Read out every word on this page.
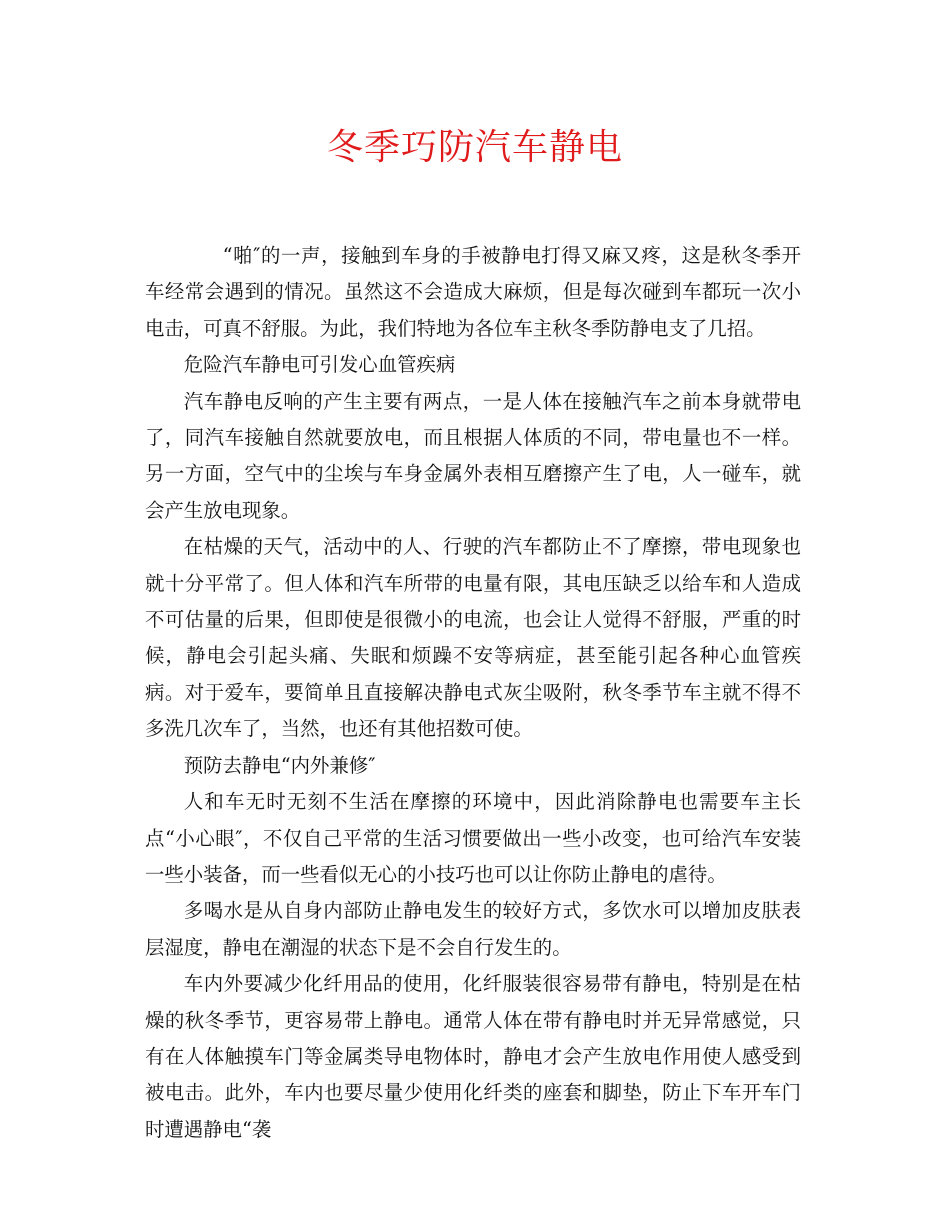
冬季巧防汽车静电

“啪″的一声，接触到车身的手被静电打得又麻又疼，这是秋冬季开车经常会遇到的情况。虽然这不会造成大麻烦，但是每次碰到车都玩一次小电击，可真不舒服。为此，我们特地为各位车主秋冬季防静电支了几招。

危险汽车静电可引发心血管疾病

汽车静电反响的产生主要有两点，一是人体在接触汽车之前本身就带电了，同汽车接触自然就要放电，而且根据人体质的不同，带电量也不一样。另一方面，空气中的尘埃与车身金属外表相互磨擦产生了电，人一碰车，就会产生放电现象。

在枯燥的天气，活动中的人、行驶的汽车都防止不了摩擦，带电现象也就十分平常了。但人体和汽车所带的电量有限，其电压缺乏以给车和人造成不可估量的后果，但即使是很微小的电流，也会让人觉得不舒服，严重的时候，静电会引起头痛、失眠和烦躁不安等病症，甚至能引起各种心血管疾病。对于爱车，要简单且直接解决静电式灰尘吸附，秋冬季节车主就不得不多洗几次车了，当然，也还有其他招数可使。

预防去静电“内外兼修″

人和车无时无刻不生活在摩擦的环境中，因此消除静电也需要车主长点“小心眼″，不仅自己平常的生活习惯要做出一些小改变，也可给汽车安装一些小装备，而一些看似无心的小技巧也可以让你防止静电的虐待。

多喝水是从自身内部防止静电发生的较好方式，多饮水可以增加皮肤表层湿度，静电在潮湿的状态下是不会自行发生的。

车内外要减少化纤用品的使用，化纤服装很容易带有静电，特别是在枯燥的秋冬季节，更容易带上静电。通常人体在带有静电时并无异常感觉，只有在人体触摸车门等金属类导电物体时，静电才会产生放电作用使人感受到被电击。此外，车内也要尽量少使用化纤类的座套和脚垫，防止下车开车门时遭遇静电“袭
